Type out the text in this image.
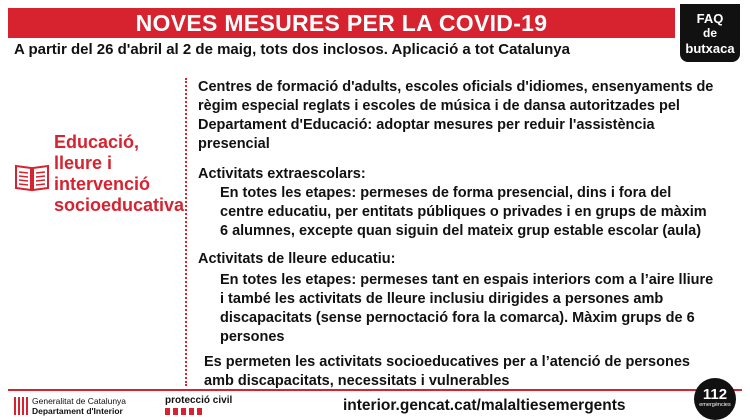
NOVES MESURES PER LA COVID-19	FAQ
de
butxaca
A partir del 26 d'abril al 2 de maig, tots dos inclosos. Aplicació a tot Catalunya
Educació,
lleure i
intervenció
socioeducativa
Centres de formació d'adults, escoles oficials d'idiomes, ensenyaments de règim especial reglats i escoles de música i de dansa autoritzades pel Departament d'Educació: adoptar mesures per reduir l'assistència presencial
Activitats extraescolars:
En totes les etapes: permeses de forma presencial, dins i fora del centre educatiu, per entitats públiques o privades i en grups de màxim 6 alumnes, excepte quan siguin del mateix grup estable escolar (aula)
Activitats de lleure educatiu:
En totes les etapes: permeses tant en espais interiors com a l’aire lliure i també les activitats de lleure inclusiu dirigides a persones amb discapacitats (sense pernoctació fora la comarca). Màxim grups de 6 persones
Es permeten les activitats socioeducatives per a l’atenció de persones amb discapacitats, necessitats i vulnerables
Generalitat de Catalunya
Departament d'Interior
protecció civil	interior.gencat.cat/malaltiesemergents
112
emergències
